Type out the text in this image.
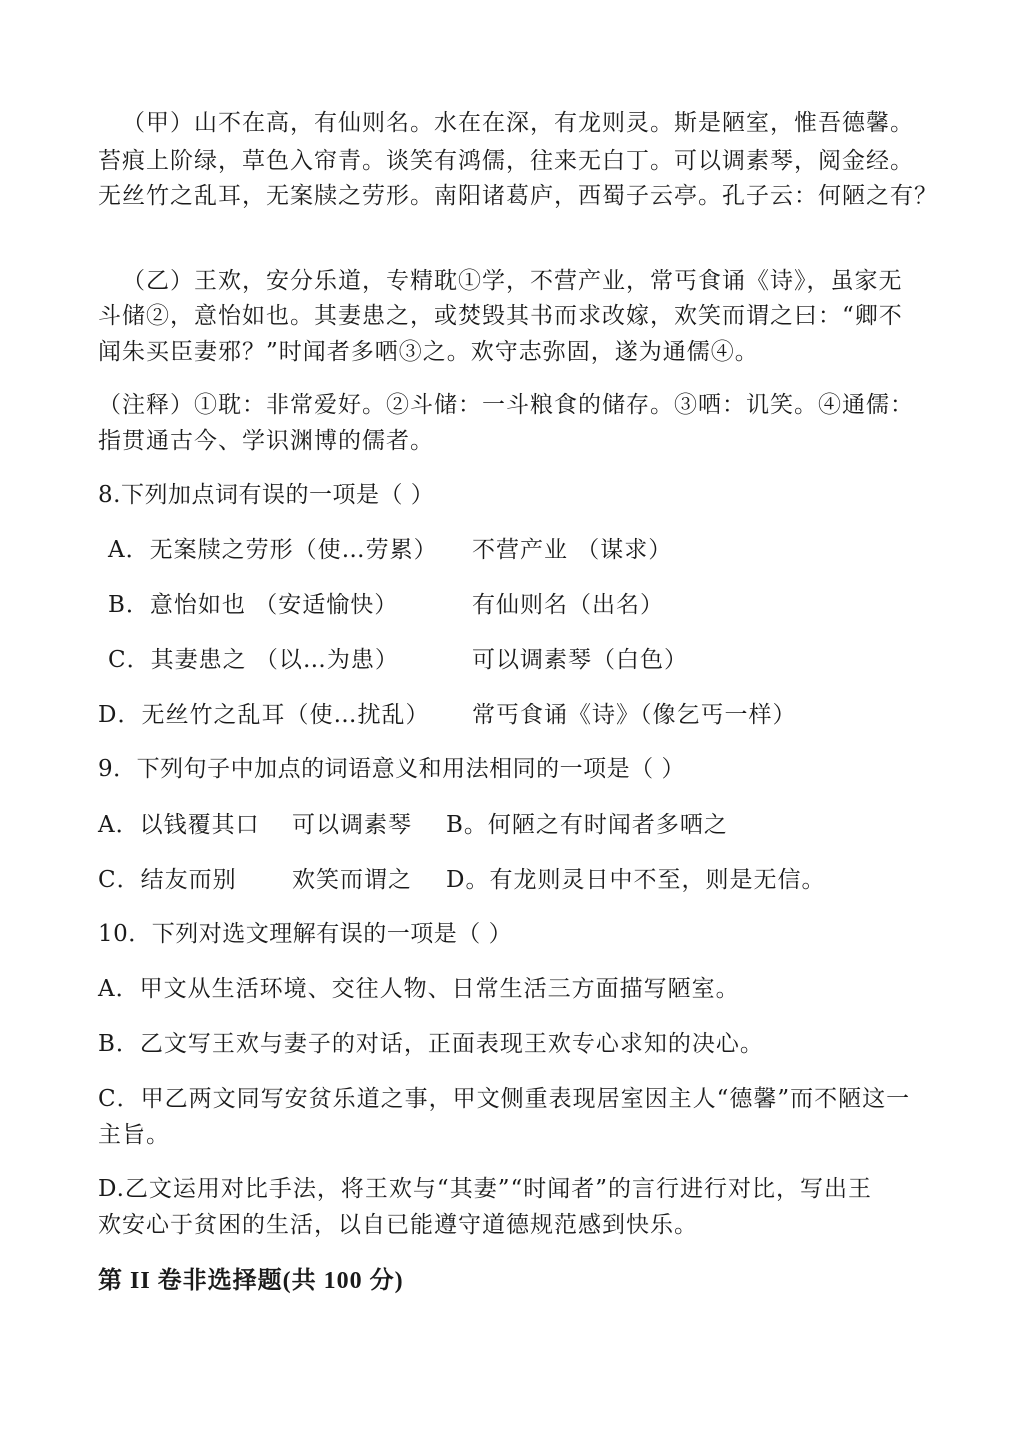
（甲）山不在高，有仙则名。水在在深，有龙则灵。斯是陋室，惟吾德馨。
苔痕上阶绿，草色入帘青。谈笑有鸿儒，往来无白丁。可以调素琴，阅金经。
无丝竹之乱耳，无案牍之劳形。南阳诸葛庐，西蜀子云亭。孔子云：何陋之有？
（乙）王欢，安分乐道，专精耽①学，不营产业，常丐食诵《诗》，虽家无
斗储②，意怡如也。其妻患之，或焚毁其书而求改嫁，欢笑而谓之曰：“卿不
闻朱买臣妻邪？”时闻者多哂③之。欢守志弥固，遂为通儒④。
（注释）①耽：非常爱好。②斗储：一斗粮食的储存。③哂：讥笑。④通儒：
指贯通古今、学识渊博的儒者。
8.下列加点词有误的一项是（ ）
A．无案牍之劳形（使…劳累） 不营产业 （谋求）
B．意怡如也 （安适愉快）	有仙则名（出名）
C．其妻患之 （以…为患）	可以调素琴（白色）
D．无丝竹之乱耳（使…扰乱） 常丐食诵《诗》（像乞丐一样）
9．下列句子中加点的词语意义和用法相同的一项是（ ）
A．以钱覆其口 可以调素琴 B。何陋之有时闻者多哂之
C．结友而别 欢笑而谓之 D。有龙则灵日中不至，则是无信。
10．下列对选文理解有误的一项是（ ）
A．甲文从生活环境、交往人物、日常生活三方面描写陋室。
B．乙文写王欢与妻子的对话，正面表现王欢专心求知的决心。
C．甲乙两文同写安贫乐道之事，甲文侧重表现居室因主人“德馨”而不陋这一
主旨。
D.乙文运用对比手法，将王欢与“其妻”“时闻者”的言行进行对比，写出王
欢安心于贫困的生活，以自已能遵守道德规范感到快乐。
第 II 卷非选择题(共 100 分)
